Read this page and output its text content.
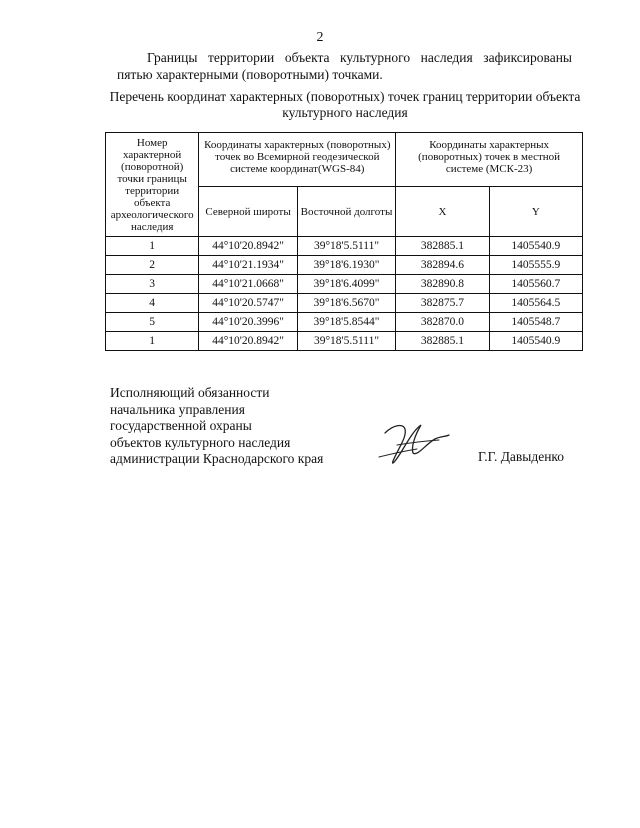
2
Границы территории объекта культурного наследия зафиксированы пятью характерными (поворотными) точками.
Перечень координат характерных (поворотных) точек границ территории объекта культурного наследия
Номер характерной (поворотной) точки границы территории объекта археологического наследия	Координаты характерных (поворотных) точек во Всемирной геодезической системе координат(WGS-84)		Координаты характерных (поворотных) точек в местной системе (МСК-23)	
	Северной широты	Восточной долготы	X	Y
1	44°10'20.8942"	39°18'5.5111"	382885.1	1405540.9
2	44°10'21.1934"	39°18'6.1930"	382894.6	1405555.9
3	44°10'21.0668"	39°18'6.4099"	382890.8	1405560.7
4	44°10'20.5747"	39°18'6.5670"	382875.7	1405564.5
5	44°10'20.3996"	39°18'5.8544"	382870.0	1405548.7
1	44°10'20.8942"	39°18'5.5111"	382885.1	1405540.9
Исполняющий обязанности
начальника управления
государственной охраны
объектов культурного наследия
администрации Краснодарского края	Г.Г. Давыденко
